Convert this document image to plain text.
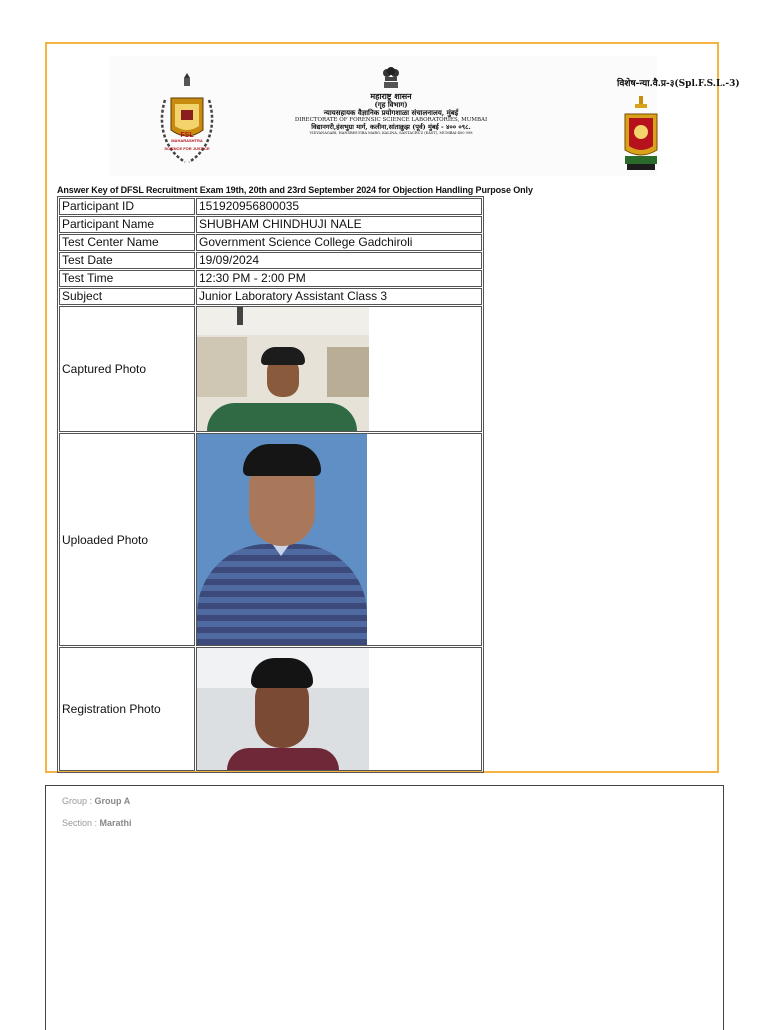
FSL
MAHARASHTRA
SCIENCE FOR JUSTICE
महाराष्ट्र शासन
(गृह विभाग)
न्यायसहायक वैज्ञानिक प्रयोगशाळा संचालनालय, मुंबई
DIRECTORATE OF FORENSIC SCIENCE LABORATORIES, MUMBAI
विद्यानगरी,हंसभुग्रा मार्ग, कलीना,सांताक्रुझ (पूर्व) मुंबई - ४०० ०९८.
VIDYANAGARI, HANSBHUGRA MARG, KALINA, SANTACRUZ (EAST), MUMBAI-400 098
विशेष-न्या.वै.प्र-३(Spl.F.S.L.-3)
Answer Key of DFSL Recruitment Exam 19th, 20th and 23rd September 2024 for Objection Handling Purpose Only
Participant ID	151920956800035
Participant Name	SHUBHAM CHINDHUJI NALE
Test Center Name	Government Science College Gadchiroli
Test Date	19/09/2024
Test Time	12:30 PM - 2:00 PM
Subject	Junior Laboratory Assistant Class 3
Captured Photo	

Uploaded Photo	

Registration Photo	
Group : Group A
Section : Marathi
